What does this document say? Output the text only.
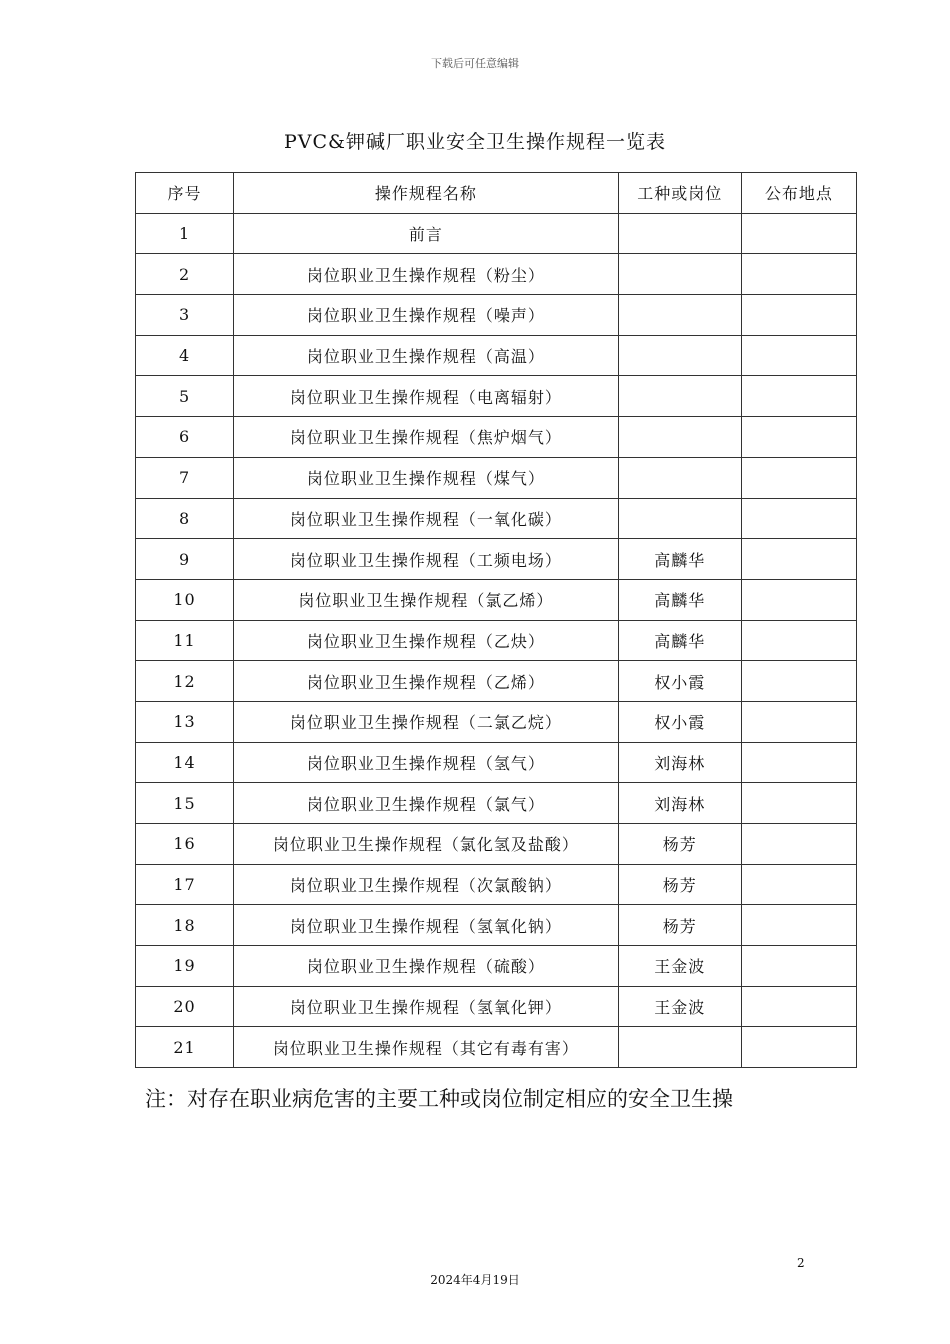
下载后可任意编辑
PVC&钾碱厂职业安全卫生操作规程一览表
序号	操作规程名称	工种或岗位	公布地点
1	前言		
2	岗位职业卫生操作规程（粉尘）		
3	岗位职业卫生操作规程（噪声）		
4	岗位职业卫生操作规程（高温）		
5	岗位职业卫生操作规程（电离辐射）		
6	岗位职业卫生操作规程（焦炉烟气）		
7	岗位职业卫生操作规程（煤气）		
8	岗位职业卫生操作规程（一氧化碳）		
9	岗位职业卫生操作规程（工频电场）	高麟华	
10	岗位职业卫生操作规程（氯乙烯）	高麟华	
11	岗位职业卫生操作规程（乙炔）	高麟华	
12	岗位职业卫生操作规程（乙烯）	权小霞	
13	岗位职业卫生操作规程（二氯乙烷）	权小霞	
14	岗位职业卫生操作规程（氢气）	刘海林	
15	岗位职业卫生操作规程（氯气）	刘海林	
16	岗位职业卫生操作规程（氯化氢及盐酸）	杨芳	
17	岗位职业卫生操作规程（次氯酸钠）	杨芳	
18	岗位职业卫生操作规程（氢氧化钠）	杨芳	
19	岗位职业卫生操作规程（硫酸）	王金波	
20	岗位职业卫生操作规程（氢氧化钾）	王金波	
21	岗位职业卫生操作规程（其它有毒有害）		
注：对存在职业病危害的主要工种或岗位制定相应的安全卫生操
2
2024年4月19日
